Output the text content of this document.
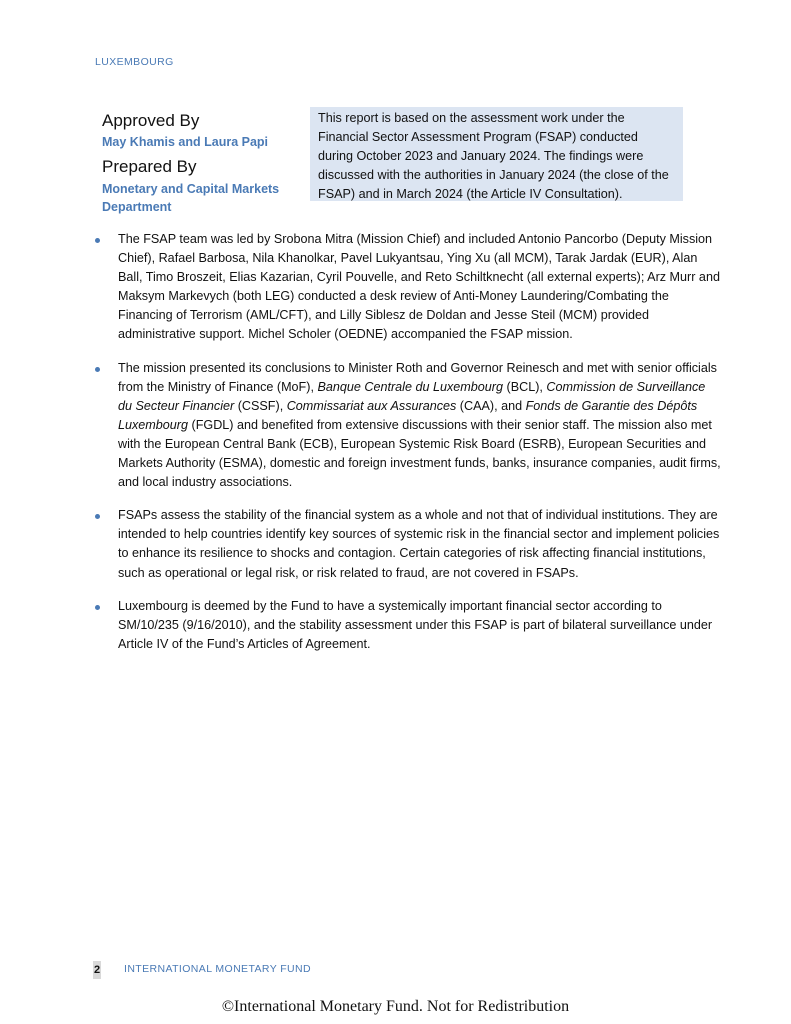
LUXEMBOURG
Approved By
May Khamis and Laura Papi
Prepared By
Monetary and Capital Markets Department
This report is based on the assessment work under the Financial Sector Assessment Program (FSAP) conducted during October 2023 and January 2024. The findings were discussed with the authorities in January 2024 (the close of the FSAP) and in March 2024 (the Article IV Consultation).
The FSAP team was led by Srobona Mitra (Mission Chief) and included Antonio Pancorbo (Deputy Mission Chief), Rafael Barbosa, Nila Khanolkar, Pavel Lukyantsau, Ying Xu (all MCM), Tarak Jardak (EUR), Alan Ball, Timo Broszeit, Elias Kazarian, Cyril Pouvelle, and Reto Schiltknecht (all external experts); Arz Murr and Maksym Markevych (both LEG) conducted a desk review of Anti-Money Laundering/Combating the Financing of Terrorism (AML/CFT), and Lilly Siblesz de Doldan and Jesse Steil (MCM) provided administrative support. Michel Scholer (OEDNE) accompanied the FSAP mission.
The mission presented its conclusions to Minister Roth and Governor Reinesch and met with senior officials from the Ministry of Finance (MoF), Banque Centrale du Luxembourg (BCL), Commission de Surveillance du Secteur Financier (CSSF), Commissariat aux Assurances (CAA), and Fonds de Garantie des Dépôts Luxembourg (FGDL) and benefited from extensive discussions with their senior staff. The mission also met with the European Central Bank (ECB), European Systemic Risk Board (ESRB), European Securities and Markets Authority (ESMA), domestic and foreign investment funds, banks, insurance companies, audit firms, and local industry associations.
FSAPs assess the stability of the financial system as a whole and not that of individual institutions. They are intended to help countries identify key sources of systemic risk in the financial sector and implement policies to enhance its resilience to shocks and contagion. Certain categories of risk affecting financial institutions, such as operational or legal risk, or risk related to fraud, are not covered in FSAPs.
Luxembourg is deemed by the Fund to have a systemically important financial sector according to SM/10/235 (9/16/2010), and the stability assessment under this FSAP is part of bilateral surveillance under Article IV of the Fund’s Articles of Agreement.
2 INTERNATIONAL MONETARY FUND
©International Monetary Fund. Not for Redistribution
